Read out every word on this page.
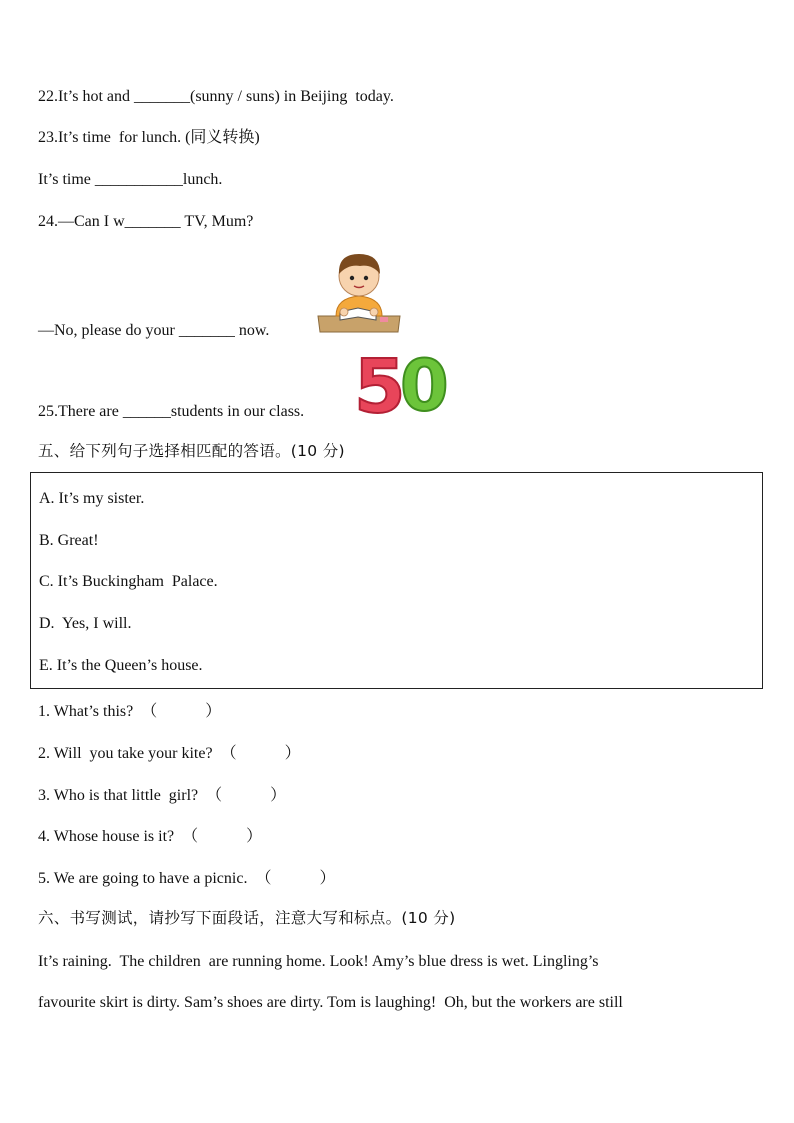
22.It’s hot and _______(sunny / suns) in Beijing  today.
23.It’s time  for lunch. (同义转换)
It’s time ___________lunch.
24.—Can I w_______ TV, Mum?
—No, please do your _______ now.
5
0
25.There are ______students in our class.
五、给下列句子选择相匹配的答语。(10 分)
A. It’s my sister.
B. Great!
C. It’s Buckingham  Palace.
D.  Yes, I will.
E. It’s the Queen’s house.
1. What’s this?  （            ）
2. Will  you take your kite?  （            ）
3. Who is that little  girl?  （            ）
4. Whose house is it?  （            ）
5. We are going to have a picnic.  （            ）
六、书写测试，请抄写下面段话，注意大写和标点。(10 分)
It’s raining.  The children  are running home. Look! Amy’s blue dress is wet. Lingling’s
favourite skirt is dirty. Sam’s shoes are dirty. Tom is laughing!  Oh, but the workers are still
